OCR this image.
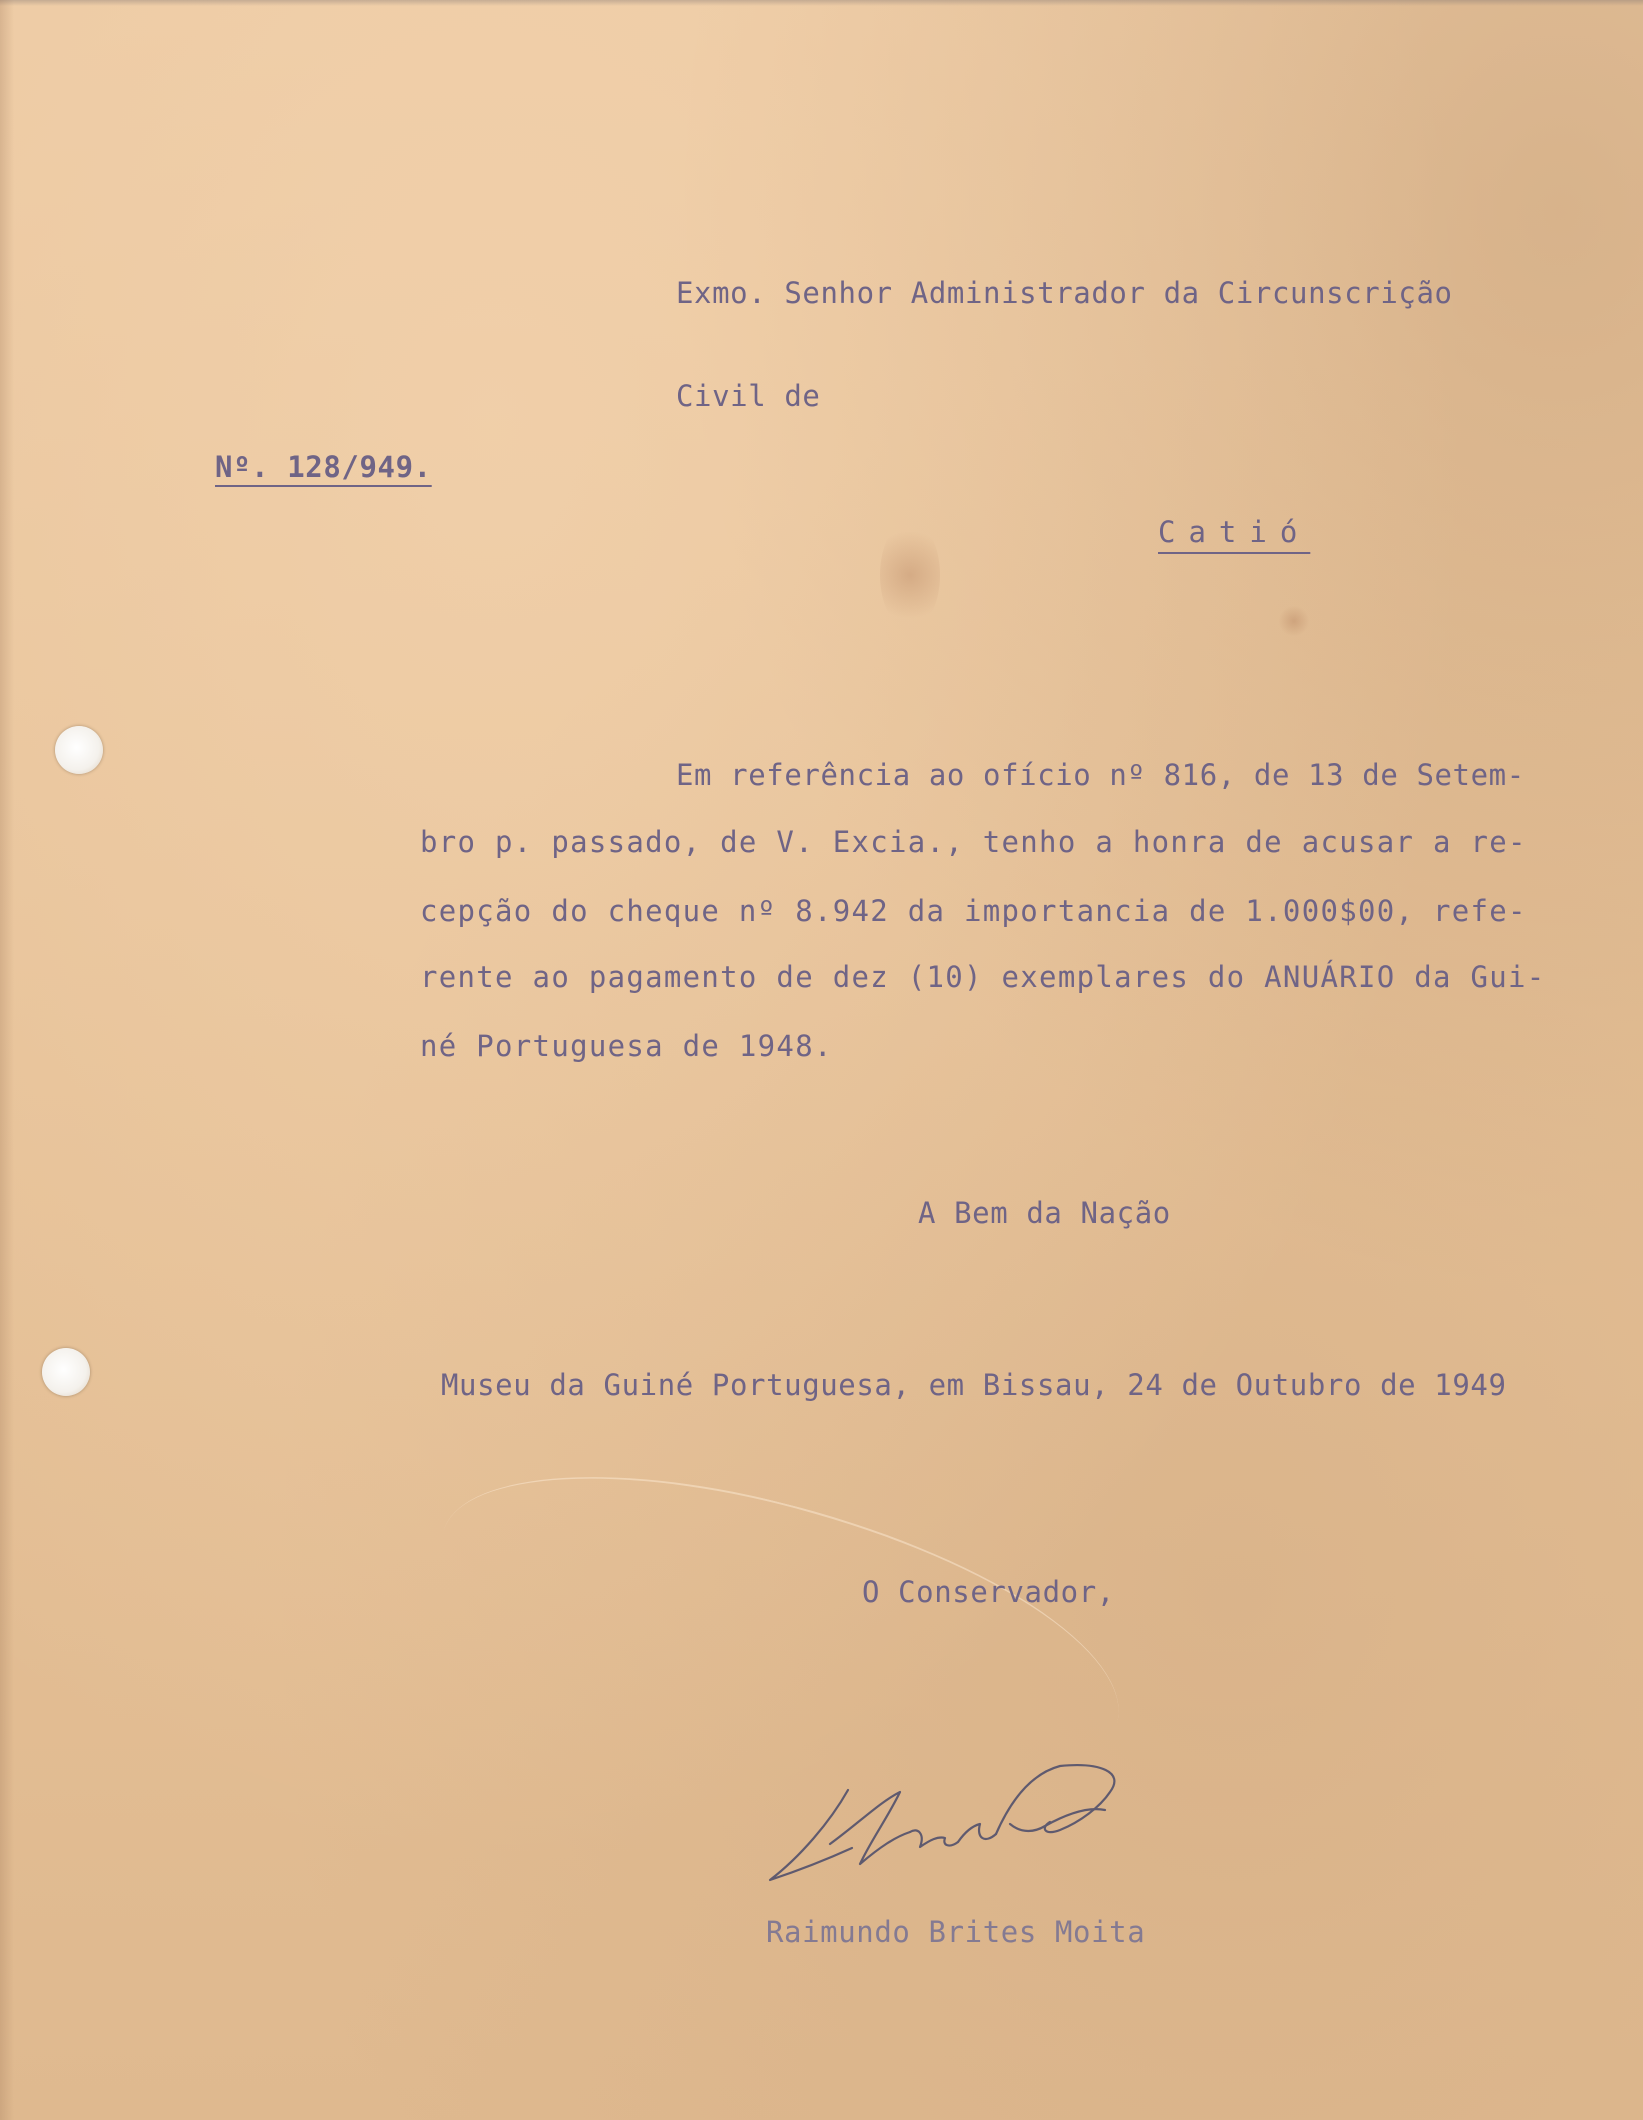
Exmo. Senhor Administrador da Circunscrição

Civil de

Nº. 128/949.

Catió

Em referência ao ofício nº 816, de 13 de Setem-

bro p. passado, de V. Excia., tenho a honra de acusar a re-

cepção do cheque nº 8.942 da importancia de 1.000$00, refe-

rente ao pagamento de dez (10) exemplares do ANUÁRIO da Gui-

né Portuguesa de 1948.

A Bem da Nação

Museu da Guiné Portuguesa, em Bissau, 24 de Outubro de 1949

O Conservador,

Raimundo Brites Moita
